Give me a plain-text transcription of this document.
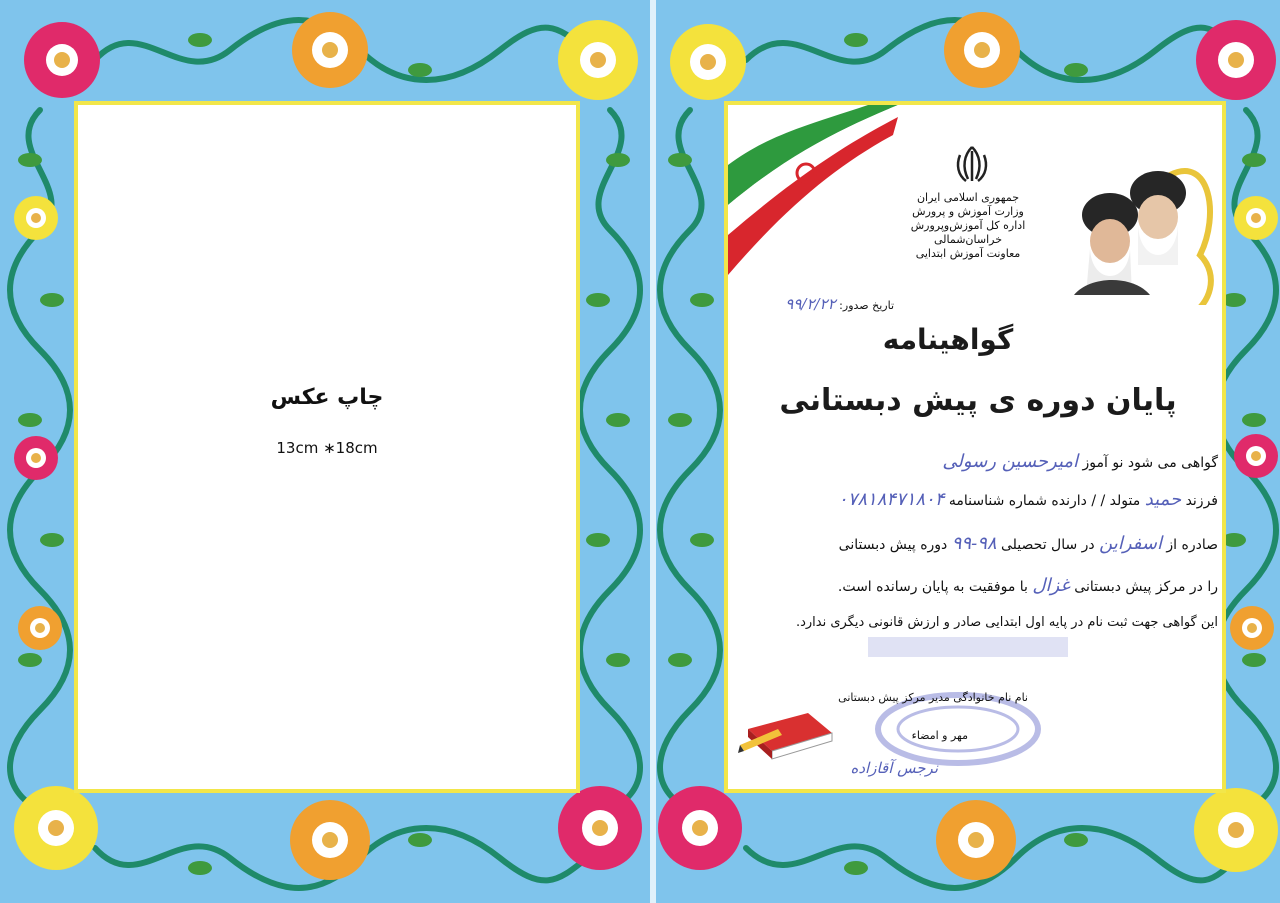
چاپ عکس
13cm ∗18cm
جمهوری اسلامی ایران
وزارت آموزش و پرورش
اداره کل آموزش‌وپرورش خراسان‌شمالی
معاونت آموزش ابتدایی
تاریخ صدور: ۹۹/۲/۲۲
گواهینامه
پایان دوره ی پیش دبستانی
گواهی می شود نو آموز امیرحسین رسولی
فرزند حمید متولد / / دارنده شماره شناسنامه ۰۷۸۱۸۴۷۱۸۰۴
صادره از اسفراین در سال تحصیلی ۹۸-۹۹ دوره پیش دبستانی
را در مرکز پیش دبستانی غزال با موفقیت به پایان رسانده است.
این گواهی جهت ثبت نام در پایه اول ابتدایی صادر و ارزش قانونی دیگری ندارد.
نام نام خانوادگی مدیر مرکز پیش دبستانی
مهر و امضاء
نرجس آقازاده
